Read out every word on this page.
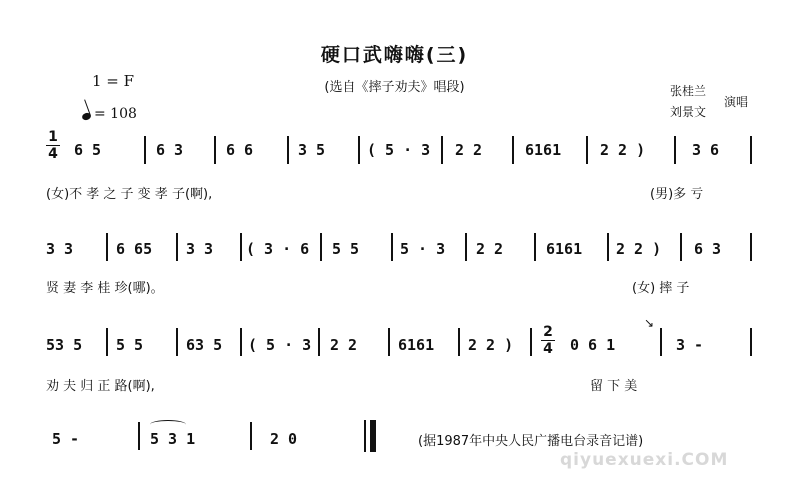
硬口武嗨嗨(三)
(选自《摔子劝夫》唱段)
1 = F
= 108
张桂兰
刘景文
演唱
1
4 6 5	6 3	6 6	3 5	( 5 · 3 2 2	6161	2 2 )	3 6
(女)不 孝 之 子 变 孝 子(啊),	(男)多 亏
3 3	6 65 3 3 ( 3 · 6 5 5	5 · 3 2 2	6161 2 2 ) 6 3
贤 妻 李 桂 珍(哪)。	(女) 摔 子
53 5 5 5	63 5 ( 5 · 3 2 2	6161 2 2 )
2
4 0 6 1
↘
3 -
劝 夫 归 正 路(啊),	留 下 美
5 -	5 3 1	2 0	(据1987年中央人民广播电台录音记谱)
qiyuexuexi.COM
